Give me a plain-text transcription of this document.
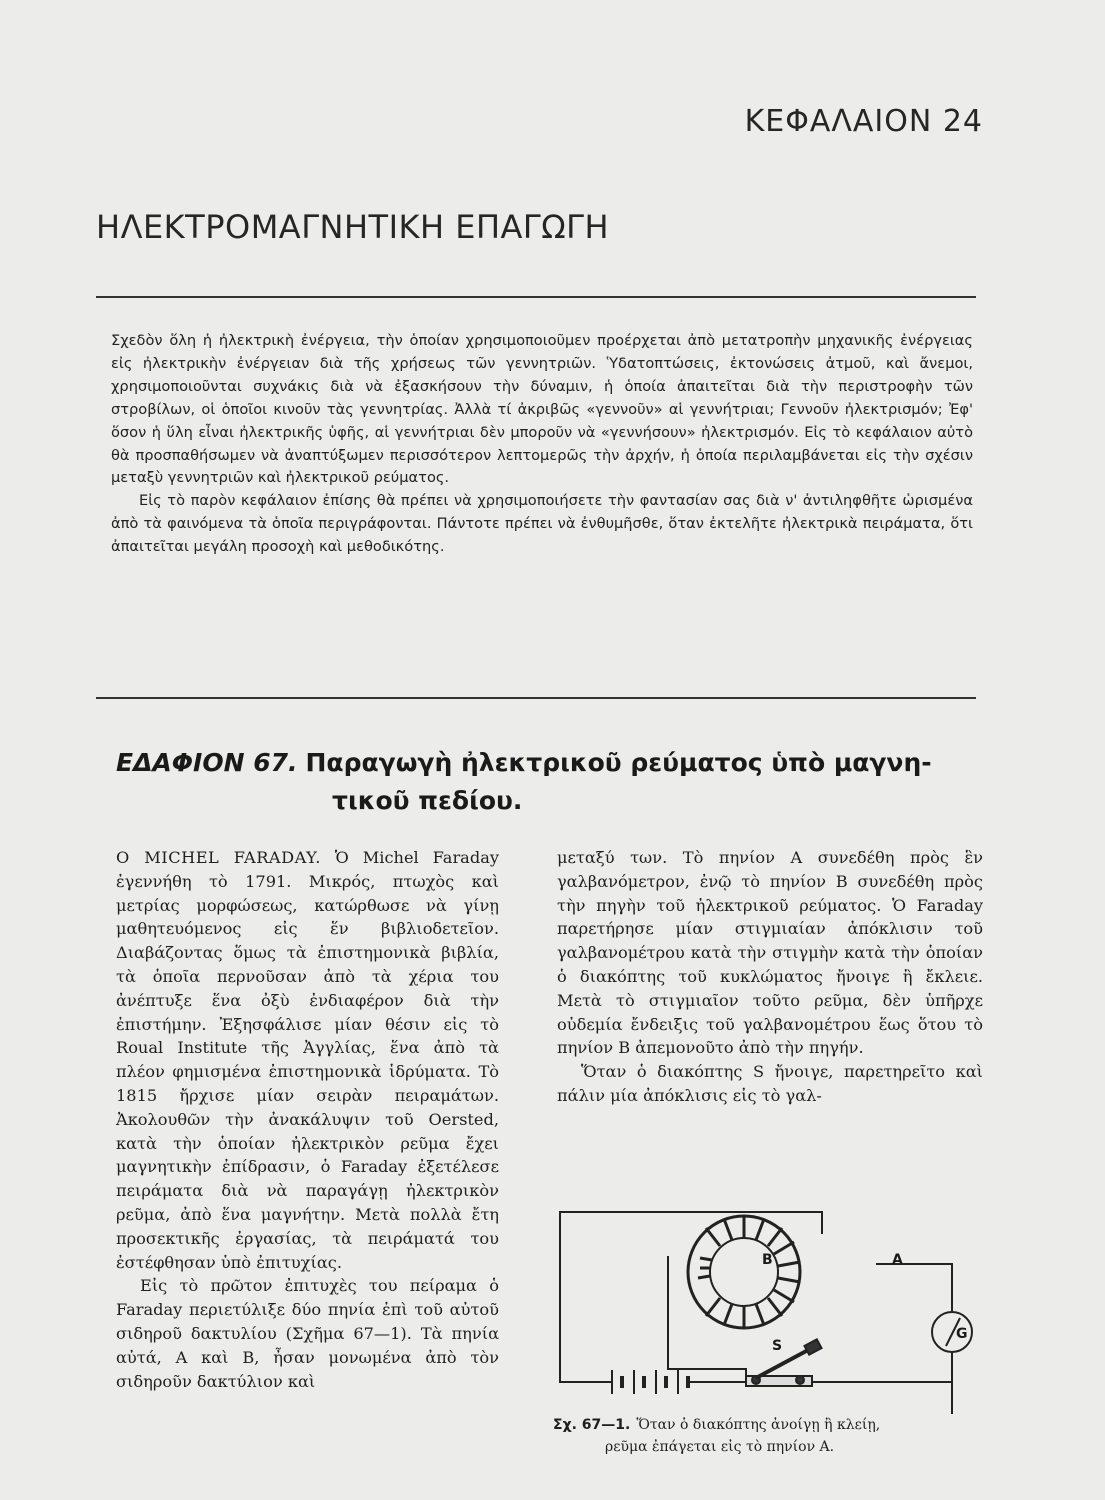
ΚΕΦΑΛΑΙΟΝ 24
ΗΛΕΚΤΡΟΜΑΓΝΗΤΙΚΗ ΕΠΑΓΩΓΗ

Σχεδὸν ὅλη ἡ ἠλεκτρικὴ ἐνέργεια, τὴν ὁποίαν χρησιμοποιοῦμεν προέρχεται ἀπὸ μετατροπὴν μηχανικῆς ἐνέργειας εἰς ἠλεκτρικὴν ἐνέργειαν διὰ τῆς χρήσεως τῶν γεννητριῶν. Ὑδατοπτώσεις, ἐκτονώσεις ἀτμοῦ, καὶ ἄνεμοι, χρησιμοποιοῦνται συχνάκις διὰ νὰ ἐξασκήσουν τὴν δύναμιν, ἡ ὁποία ἀπαιτεῖται διὰ τὴν περιστροφὴν τῶν στροβίλων, οἱ ὁποῖοι κινοῦν τὰς γεννητρίας. Ἀλλὰ τί ἀκριβῶς «γεννοῦν» αἱ γεννήτριαι; Γεννοῦν ἠλεκτρισμόν; Ἐφ' ὅσον ἡ ὕλη εἶναι ἠλεκτρικῆς ὑφῆς, αἱ γεννήτριαι δὲν μποροῦν νὰ «γεννήσουν» ἠλεκτρισμόν. Εἰς τὸ κεφάλαιον αὐτὸ θὰ προσπαθήσωμεν νὰ ἀναπτύξωμεν περισσότερον λεπτομερῶς τὴν ἀρχήν, ἡ ὁποία περιλαμβάνεται εἰς τὴν σχέσιν μεταξὺ γεννητριῶν καὶ ἠλεκτρικοῦ ρεύματος.

Εἰς τὸ παρὸν κεφάλαιον ἐπίσης θὰ πρέπει νὰ χρησιμοποιήσετε τὴν φαντασίαν σας διὰ ν' ἀντιληφθῆτε ὡρισμένα ἀπὸ τὰ φαινόμενα τὰ ὁποῖα περιγράφονται. Πάντοτε πρέπει νὰ ἐνθυμῆσθε, ὅταν ἐκτελῆτε ἠλεκτρικὰ πειράματα, ὅτι ἀπαιτεῖται μεγάλη προσοχὴ καὶ μεθοδικότης.

ΕΔΑΦΙΟΝ 67. Παραγωγὴ ἠλεκτρικοῦ ρεύματος ὑπὸ μαγνη-
τικοῦ πεδίου.

Ο MICHEL FARADAY. Ὁ Michel Faraday ἐγεννήθη τὸ 1791. Μικρός, πτωχὸς καὶ μετρίας μορφώσεως, κατώρθωσε νὰ γίνῃ μαθητευόμενος εἰς ἕν βιβλιοδετεῖον. Διαβάζοντας ὅμως τὰ ἐπιστημονικὰ βιβλία, τὰ ὁποῖα περνοῦσαν ἀπὸ τὰ χέρια του ἀνέπτυξε ἕνα ὀξὺ ἐνδιαφέρον διὰ τὴν ἐπιστήμην. Ἐξησφάλισε μίαν θέσιν εἰς τὸ Roual Institute τῆς Ἀγγλίας, ἕνα ἀπὸ τὰ πλέον φημισμένα ἐπιστημονικὰ ἱδρύματα. Τὸ 1815 ἤρχισε μίαν σειρὰν πειραμάτων. Ἀκολουθῶν τὴν ἀνακάλυψιν τοῦ Oersted, κατὰ τὴν ὁποίαν ἠλεκτρικὸν ρεῦμα ἔχει μαγνητικὴν ἐπίδρασιν, ὁ Faraday ἐξετέλεσε πειράματα διὰ νὰ παραγάγῃ ἠλεκτρικὸν ρεῦμα, ἀπὸ ἕνα μαγνήτην. Μετὰ πολλὰ ἔτη προσεκτικῆς ἐργασίας, τὰ πειράματά του ἐστέφθησαν ὑπὸ ἐπιτυχίας.

Εἰς τὸ πρῶτον ἐπιτυχὲς του πείραμα ὁ Faraday περιετύλιξε δύο πηνία ἐπὶ τοῦ αὐτοῦ σιδηροῦ δακτυλίου (Σχῆμα 67—1). Τὰ πηνία αὐτά, Α καὶ Β, ἦσαν μονωμένα ἀπὸ τὸν σιδηροῦν δακτύλιον καὶ

μεταξύ των. Τὸ πηνίον Α συνεδέθη πρὸς ἓν γαλβανόμετρον, ἐνῷ τὸ πηνίον Β συνεδέθη πρὸς τὴν πηγὴν τοῦ ἠλεκτρικοῦ ρεύματος. Ὁ Faraday παρετήρησε μίαν στιγμιαίαν ἀπόκλισιν τοῦ γαλβανομέτρου κατὰ τὴν στιγμὴν κατὰ τὴν ὁποίαν ὁ διακόπτης τοῦ κυκλώματος ἤνοιγε ἢ ἔκλειε. Μετὰ τὸ στιγμιαῖον τοῦτο ρεῦμα, δὲν ὑπῆρχε οὐδεμία ἔνδειξις τοῦ γαλβανομέτρου ἕως ὅτου τὸ πηνίον Β ἀπεμονοῦτο ἀπὸ τὴν πηγήν.

Ὅταν ὁ διακόπτης S ἤνοιγε, παρετηρεῖτο καὶ πάλιν μία ἀπόκλισις εἰς τὸ γαλ-

B	A
G
S
Σχ. 67—1. Ὅταν ὁ διακόπτης ἀνοίγῃ ἢ κλείῃ,
ρεῦμα ἐπάγεται εἰς τὸ πηνίον Α.
